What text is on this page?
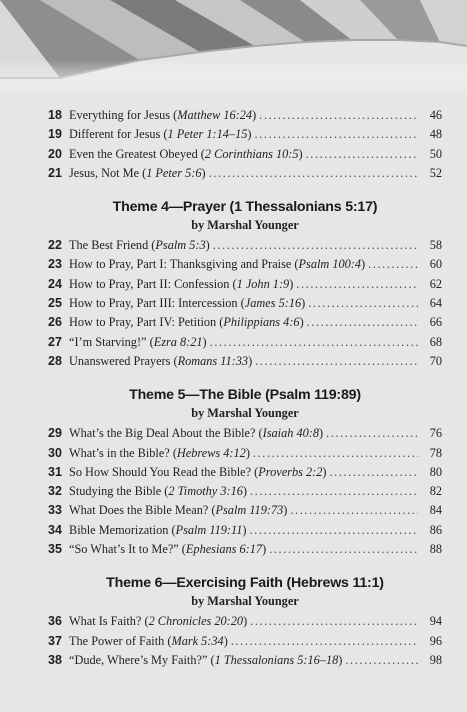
18 Everything for Jesus (Matthew 16:24) .....	46
19 Different for Jesus (1 Peter 1:14–15) .....	48
20 Even the Greatest Obeyed (2 Corinthians 10:5) .....	50
21 Jesus, Not Me (1 Peter 5:6) .....	52
Theme 4—Prayer (1 Thessalonians 5:17)
by Marshal Younger
22 The Best Friend (Psalm 5:3) .....	58
23 How to Pray, Part I: Thanksgiving and Praise (Psalm 100:4) .....	60
24 How to Pray, Part II: Confession (1 John 1:9) .....	62
25 How to Pray, Part III: Intercession (James 5:16) .....	64
26 How to Pray, Part IV: Petition (Philippians 4:6) .....	66
27 “I’m Starving!” (Ezra 8:21) .....	68
28 Unanswered Prayers (Romans 11:33) .....	70
Theme 5—The Bible (Psalm 119:89)
by Marshal Younger
29 What’s the Big Deal About the Bible? (Isaiah 40:8) .....	76
30 What’s in the Bible? (Hebrews 4:12) .....	78
31 So How Should You Read the Bible? (Proverbs 2:2) .....	80
32 Studying the Bible (2 Timothy 3:16) .....	82
33 What Does the Bible Mean? (Psalm 119:73) .....	84
34 Bible Memorization (Psalm 119:11) .....	86
35 “So What’s It to Me?” (Ephesians 6:17) .....	88
Theme 6—Exercising Faith (Hebrews 11:1)
by Marshal Younger
36 What Is Faith? (2 Chronicles 20:20) .....	94
37 The Power of Faith (Mark 5:34) .....	96
38 “Dude, Where’s My Faith?” (1 Thessalonians 5:16–18) .....	98
